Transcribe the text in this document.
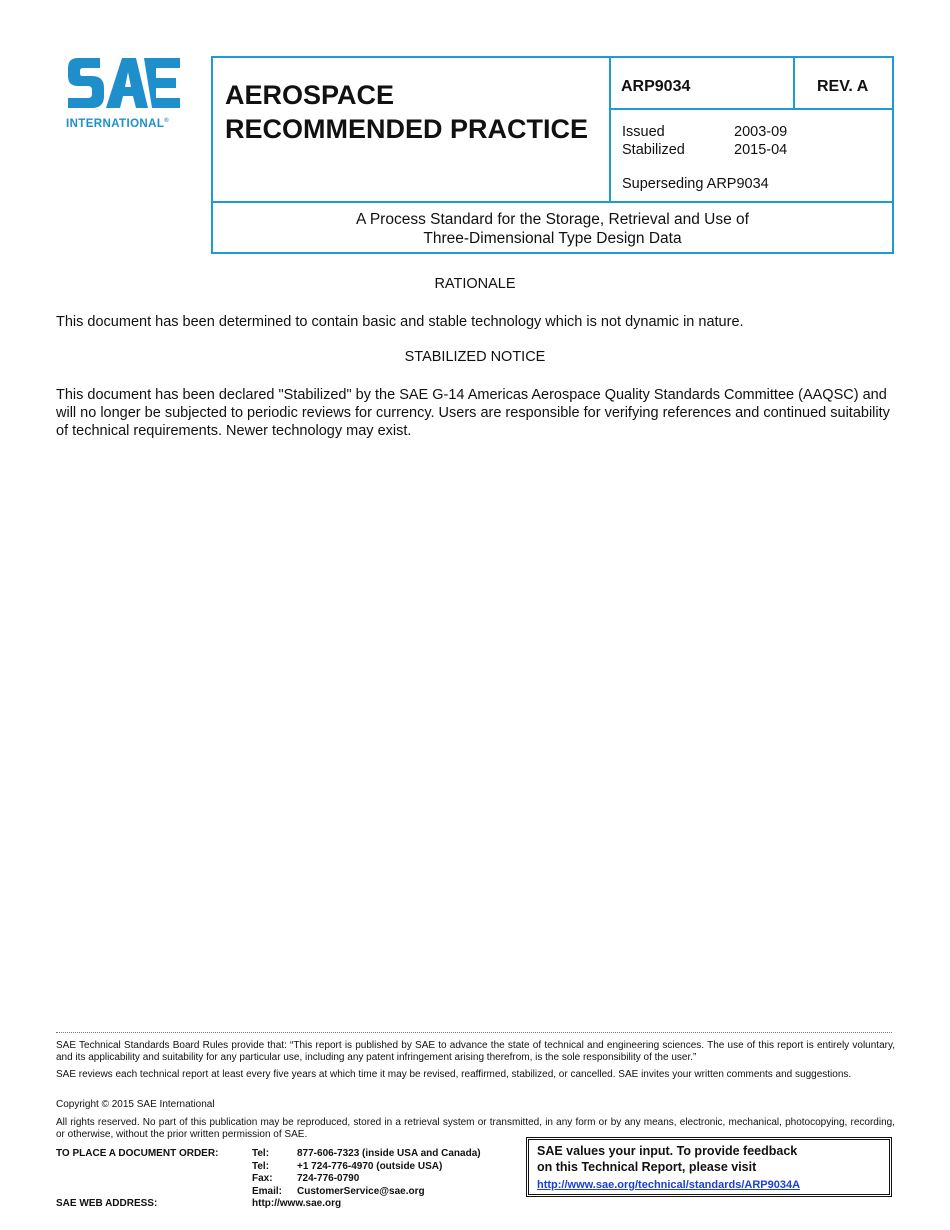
INTERNATIONAL®
AEROSPACE
RECOMMENDED PRACTICE
ARP9034	REV. A
Issued	2003-09
Stabilized	2015-04
Superseding ARP9034
A Process Standard for the Storage, Retrieval and Use of
Three-Dimensional Type Design Data
RATIONALE
This document has been determined to contain basic and stable technology which is not dynamic in nature.
STABILIZED NOTICE
This document has been declared "Stabilized" by the SAE G-14 Americas Aerospace Quality Standards Committee (AAQSC) and will no longer be subjected to periodic reviews for currency. Users are responsible for verifying references and continued suitability of technical requirements. Newer technology may exist.
SAE Technical Standards Board Rules provide that: “This report is published by SAE to advance the state of technical and engineering sciences. The use of this report is entirely voluntary, and its applicability and suitability for any particular use, including any patent infringement arising therefrom, is the sole responsibility of the user.”
SAE reviews each technical report at least every five years at which time it may be revised, reaffirmed, stabilized, or cancelled. SAE invites your written comments and suggestions.
Copyright © 2015 SAE International
All rights reserved. No part of this publication may be reproduced, stored in a retrieval system or transmitted, in any form or by any means, electronic, mechanical, photocopying, recording, or otherwise, without the prior written permission of SAE.
TO PLACE A DOCUMENT ORDER:	Tel:	877-606-7323 (inside USA and Canada)
Tel:	+1 724-776-4970 (outside USA)
Fax:	724-776-0790
Email:	CustomerService@sae.org
SAE WEB ADDRESS:	http://www.sae.org
SAE values your input. To provide feedback
on this Technical Report, please visit
http://www.sae.org/technical/standards/ARP9034A
